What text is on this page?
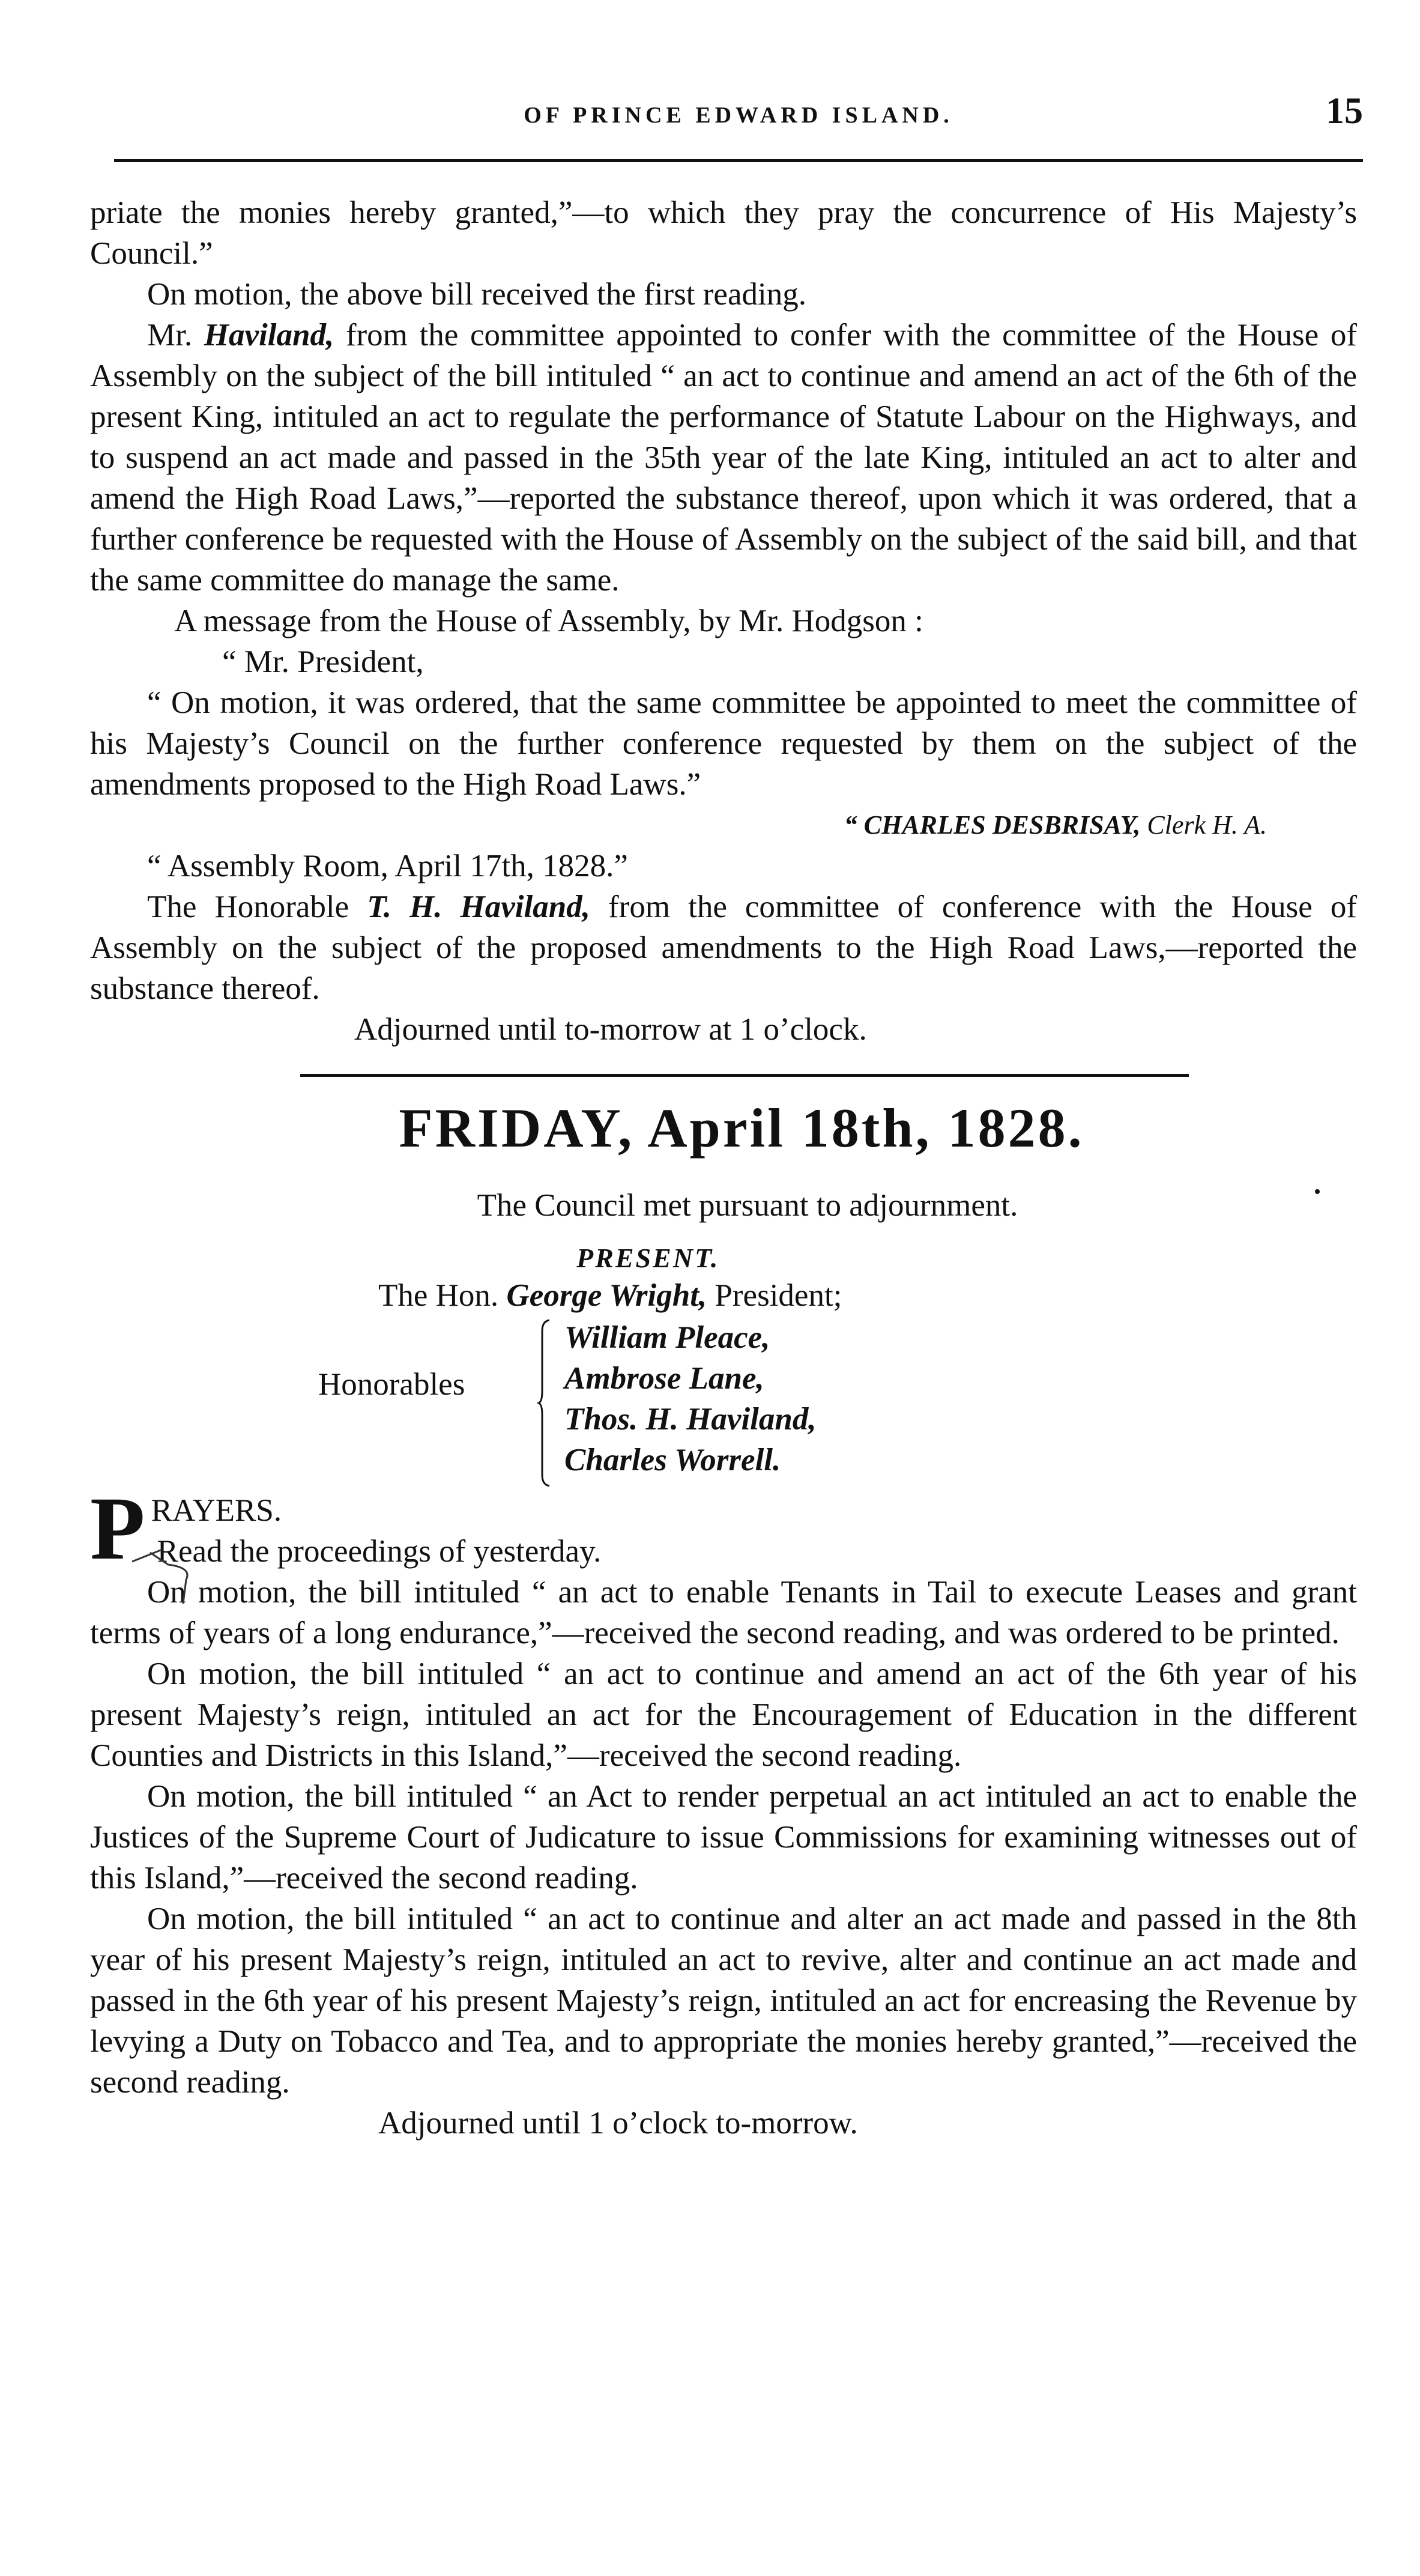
OF PRINCE EDWARD ISLAND.	15

priate the monies hereby granted,”—to which they pray the concurrence of His Majesty’s Council.”

On motion, the above bill received the first reading.

Mr. Haviland, from the committee appointed to confer with the committee of the House of Assembly on the subject of the bill intituled “ an act to continue and amend an act of the 6th of the present King, intituled an act to regulate the performance of Statute Labour on the Highways, and to suspend an act made and passed in the 35th year of the late King, intituled an act to alter and amend the High Road Laws,”—reported the substance thereof, upon which it was ordered, that a further conference be requested with the House of Assembly on the subject of the said bill, and that the same committee do manage the same.

A message from the House of Assembly, by Mr. Hodgson :

“ Mr. President,

“ On motion, it was ordered, that the same committee be appointed to meet the committee of his Majesty’s Council on the further conference requested by them on the subject of the amendments proposed to the High Road Laws.”

“ CHARLES DESBRISAY, Clerk H. A.

“ Assembly Room, April 17th, 1828.”

The Honorable T. H. Haviland, from the committee of conference with the House of Assembly on the subject of the proposed amendments to the High Road Laws,—reported the substance thereof.

Adjourned until to-morrow at 1 o’clock.

FRIDAY, April 18th, 1828.

The Council met pursuant to adjournment.

PRESENT.
The Hon. George Wright, President;
Honorables
William Pleace,
Ambrose Lane,
Thos. H. Haviland,
Charles Worrell.

PRAYERS.
Read the proceedings of yesterday.

On motion, the bill intituled “ an act to enable Tenants in Tail to execute Leases and grant terms of years of a long endurance,”—received the second reading, and was ordered to be printed.

On motion, the bill intituled “ an act to continue and amend an act of the 6th year of his present Majesty’s reign, intituled an act for the Encouragement of Education in the different Counties and Districts in this Island,”—received the second reading.

On motion, the bill intituled “ an Act to render perpetual an act intituled an act to enable the Justices of the Supreme Court of Judicature to issue Commissions for examining witnesses out of this Island,”—received the second reading.

On motion, the bill intituled “ an act to continue and alter an act made and passed in the 8th year of his present Majesty’s reign, intituled an act to revive, alter and continue an act made and passed in the 6th year of his present Majesty’s reign, intituled an act for encreasing the Revenue by levying a Duty on Tobacco and Tea, and to appropriate the monies hereby granted,”—received the second reading.

Adjourned until 1 o’clock to-morrow.
